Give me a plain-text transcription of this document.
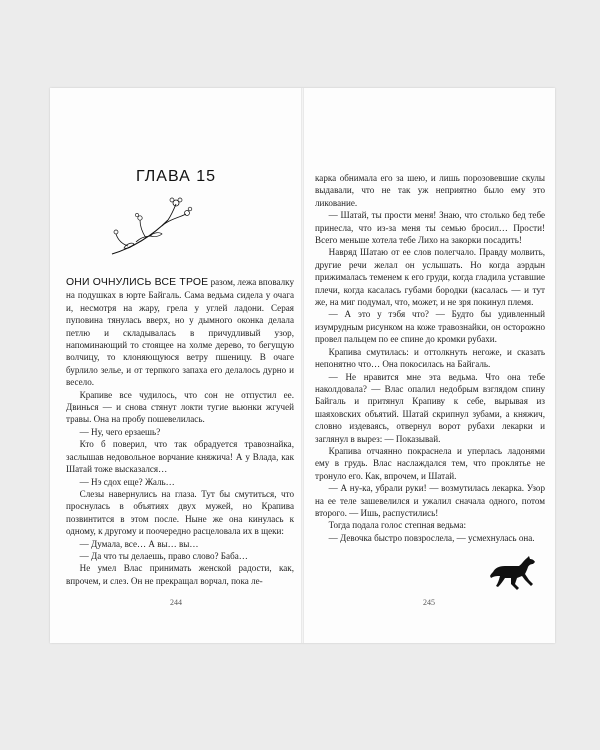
ГЛАВА 15

ОНИ ОЧНУЛИСЬ ВСЕ ТРОЕ разом, лежа вповалку на подушках в юрте Байгаль. Сама ведьма сидела у очага и, несмотря на жару, грела у углей ладони. Серая пуповина тянулась вверх, но у дымного оконка делала петлю и складывалась в причудливый узор, напоминающий то стоящее на холме дерево, то бегущую волчицу, то клоняющуюся ветру пшеницу. В очаге бурлило зелье, и от терпкого запаха его делалось дурно и весело.

Крапиве все чудилось, что сон не отпустил ее. Двинься — и снова стянут локти тугие вьюнки жгучей травы. Она на пробу пошевелилась.

— Ну, чего ерзаешь?

Кто б поверил, что так обрадуется травознайка, заслышав недовольное ворчание княжича! А у Влада, как Шатай тоже высказался…

— Нэ сдох еще? Жаль…

Слезы навернулись на глаза. Тут бы смутиться, что проснулась в объятиях двух мужей, но Крапива позвинтится в этом после. Ныне же она кинулась к одному, к другому и поочередно расцеловала их в щеки:

— Думала, все… А вы… вы…

— Да что ты делаешь, право слово? Баба…

Не умел Влас принимать женской радости, как, впрочем, и слез. Он не прекращал ворчал, пока ле-

244

карка обнимала его за шею, и лишь порозовевшие скулы выдавали, что не так уж неприятно было ему это ликование.

— Шатай, ты прости меня! Знаю, что столько бед тебе принесла, что из-за меня ты семью бросил… Прости! Всего меньше хотела тебе Лихо на закорки посадить!

Навряд Шатаю от ее слов полегчало. Правду молвить, другие речи желал он услышать. Но когда аэрдын прижималась теменем к его груди, когда гладила уставшие плечи, когда касалась губами бородки (касалась — и тут же, на миг подумал, что, может, и не зря покинул племя.

— А это у тэбя что? — Будто бы удивленный изумрудным рисунком на коже травознайки, он осторожно провел пальцем по ее спине до кромки рубахи.

Крапива смутилась: и оттолкнуть негоже, и сказать непонятно что… Она покосилась на Байгаль.

— Не нравится мне эта ведьма. Что она тебе наколдовала? — Влас опалил недобрым взглядом спину Байгаль и притянул Крапиву к себе, вырывая из шаяховских объятий. Шатай скрипнул зубами, а княжич, словно издеваясь, отвернул ворот рубахи лекарки и заглянул в вырез: — Показывай.

Крапива отчаянно покраснела и уперлась ладонями ему в грудь. Влас наслаждался тем, что проклятье не тронуло его. Как, впрочем, и Шатай.

— А ну-ка, убрали руки! — возмутилась лекарка. Узор на ее теле зашевелился и ужалил сначала одного, потом второго. — Ишь, распустились!

Тогда подала голос степная ведьма:

— Девочка быстро повзрослела, — усмехнулась она.

245
